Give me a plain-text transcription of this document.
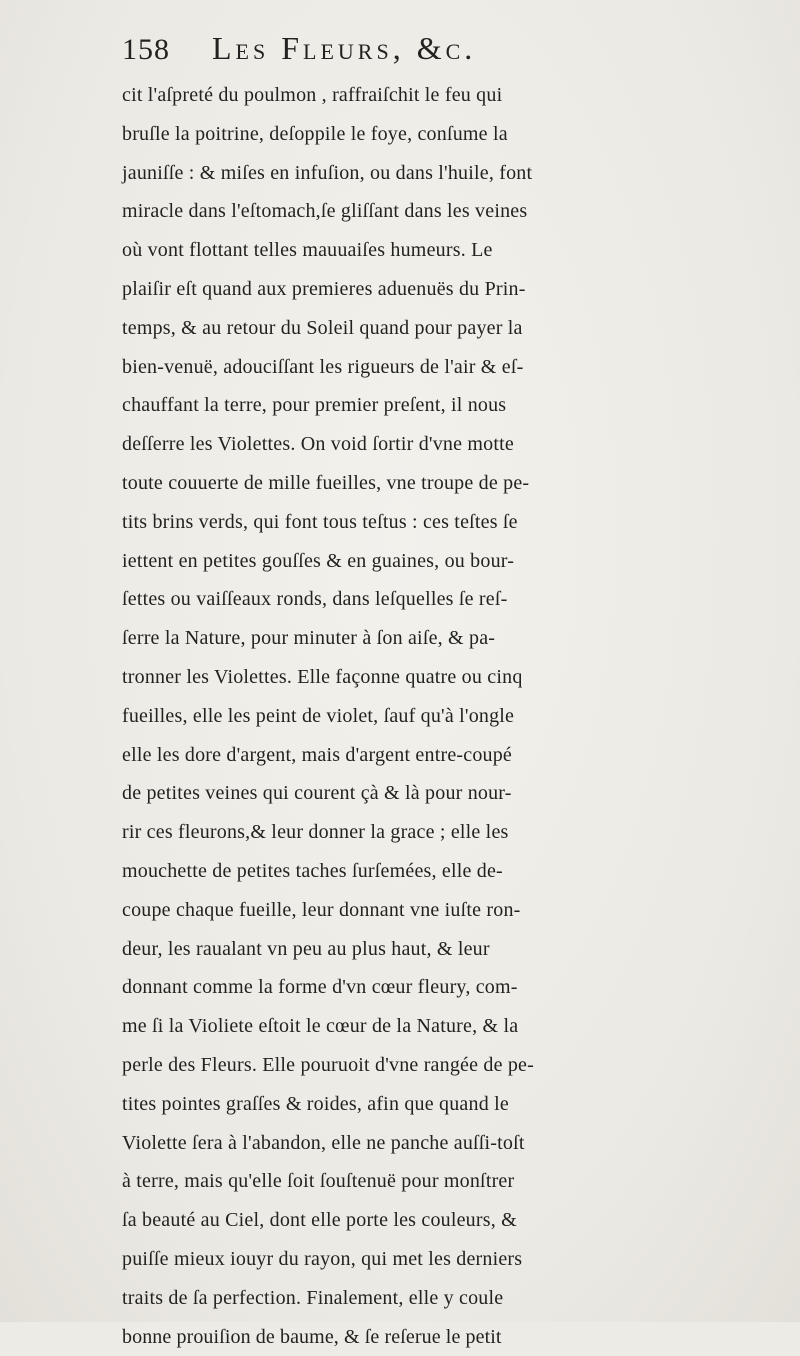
158 Les Fleurs, &c.
cit l'aſpreté du poulmon , raffraiſchit le feu qui
bruſle la poitrine, deſoppile le foye, conſume la
jauniſſe : & miſes en infuſion, ou dans l'huile, font
miracle dans l'eſtomach,ſe gliſſant dans les veines
où vont flottant telles mauuaiſes humeurs. Le
plaiſir eſt quand aux premieres aduenuës du Prin-
temps, & au retour du Soleil quand pour payer la
bien-venuë, adouciſſant les rigueurs de l'air & eſ-
chauffant la terre, pour premier preſent, il nous
deſſerre les Violettes. On void ſortir d'vne motte
toute couuerte de mille fueilles, vne troupe de pe-
tits brins verds, qui font tous teſtus : ces teſtes ſe
iettent en petites gouſſes & en guaines, ou bour-
ſettes ou vaiſſeaux ronds, dans leſquelles ſe reſ-
ſerre la Nature, pour minuter à ſon aiſe, & pa-
tronner les Violettes. Elle façonne quatre ou cinq
fueilles, elle les peint de violet, ſauf qu'à l'ongle
elle les dore d'argent, mais d'argent entre-coupé
de petites veines qui courent çà & là pour nour-
rir ces fleurons,& leur donner la grace ; elle les
mouchette de petites taches ſurſemées, elle de-
coupe chaque fueille, leur donnant vne iuſte ron-
deur, les raualant vn peu au plus haut, & leur
donnant comme la forme d'vn cœur fleury, com-
me ſi la Violiete eſtoit le cœur de la Nature, & la
perle des Fleurs. Elle pouruoit d'vne rangée de pe-
tites pointes graſſes & roides, afin que quand le
Violette ſera à l'abandon, elle ne panche auſſi-toſt
à terre, mais qu'elle ſoit ſouſtenuë pour monſtrer
ſa beauté au Ciel, dont elle porte les couleurs, &
puiſſe mieux iouyr du rayon, qui met les derniers
traits de ſa perfection. Finalement, elle y coule
bonne prouiſion de baume, & ſe reſerue le petit
